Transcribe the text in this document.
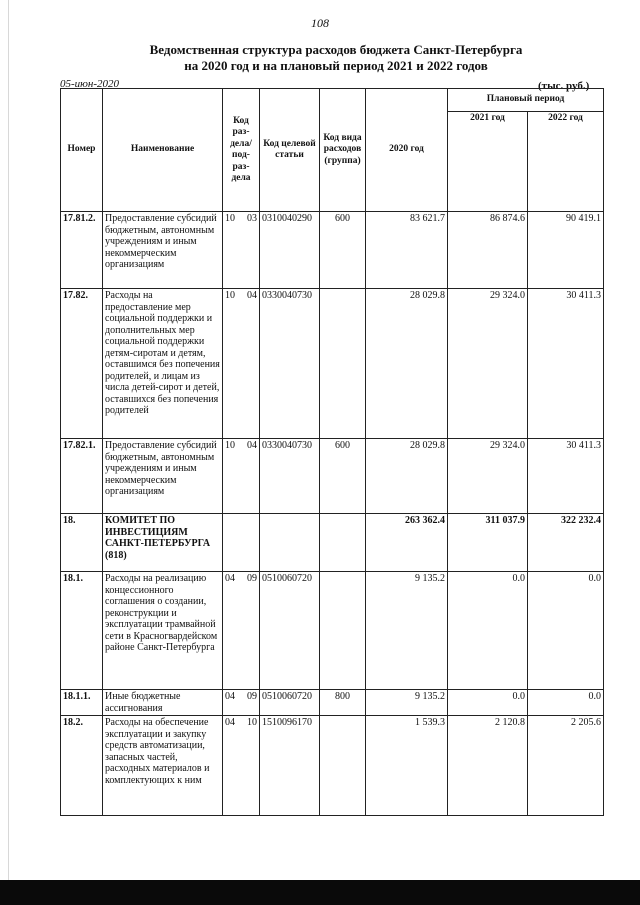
108
Ведомственная структура расходов бюджета Санкт-Петербурга
на 2020 год и на плановый период 2021 и 2022 годов
05-июн-2020	(тыс. руб.)
Номер	Наименование	Код раз-дела/ под-раз-дела	Код целевой статьи	Код вида расходов (группа)	2020 год	Плановый период	
						2021 год	2022 год
17.81.2.	Предоставление субсидий бюджетным, автономным учреждениям и иным некоммерческим организациям	10 03	0310040290	600	83 621.7	86 874.6	90 419.1
17.82.	Расходы на предоставление мер социальной поддержки и дополнительных мер социальной поддержки детям-сиротам и детям, оставшимся без попечения родителей, и лицам из числа детей-сирот и детей, оставшихся без попечения родителей	10 04	0330040730		28 029.8	29 324.0	30 411.3
17.82.1.	Предоставление субсидий бюджетным, автономным учреждениям и иным некоммерческим организациям	10 04	0330040730	600	28 029.8	29 324.0	30 411.3
18.	КОМИТЕТ ПО ИНВЕСТИЦИЯМ САНКТ-ПЕТЕРБУРГА (818)				263 362.4	311 037.9	322 232.4
18.1.	Расходы на реализацию концессионного соглашения о создании, реконструкции и эксплуатации трамвайной сети в Красногвардейском районе Санкт-Петербурга	04 09	0510060720		9 135.2	0.0	0.0
18.1.1.	Иные бюджетные ассигнования	04 09	0510060720	800	9 135.2	0.0	0.0
18.2.	Расходы на обеспечение эксплуатации и закупку средств автоматизации, запасных частей, расходных материалов и комплектующих к ним	04 10	1510096170		1 539.3	2 120.8	2 205.6
